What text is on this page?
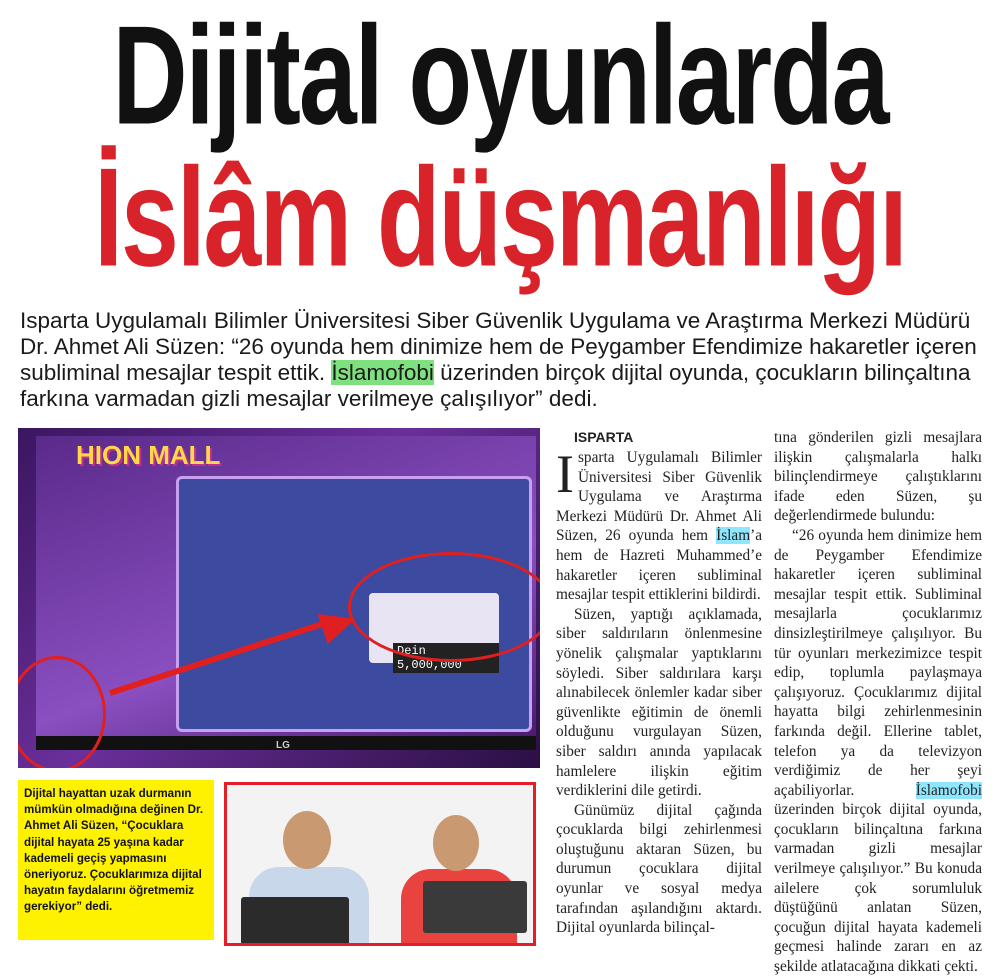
Dijital oyunlarda
İslâm düşmanlığı
Isparta Uygulamalı Bilimler Üniversitesi Siber Güvenlik Uygulama ve Araştırma Merkezi Müdürü Dr. Ahmet Ali Süzen: “26 oyunda hem dinimize hem de Peygamber Efendimize hakaretler içeren subliminal mesajlar tespit ettik. İslamofobi üzerinden birçok dijital oyunda, çocukların bilinçaltına farkına varmadan gizli mesajlar verilmeye çalışılıyor” dedi.
HION MALL
Dein 5,000,000
LG
Dijital hayattan uzak durmanın mümkün olmadığına değinen Dr. Ahmet Ali Süzen, “Çocuklara dijital hayata 25 yaşına kadar kademeli geçiş yapmasını öneriyoruz. Çocuklarımıza dijital hayatın faydalarını öğretmemiz gerekiyor” dedi.
ISPARTA

Isparta Uygulamalı Bilimler Üniversitesi Siber Güvenlik Uygulama ve Araştırma Merkezi Müdürü Dr. Ahmet Ali Süzen, 26 oyunda hem İslam’a hem de Hazreti Muhammed’e hakaretler içeren subliminal mesajlar tespit ettiklerini bildirdi.

Süzen, yaptığı açıklamada, siber saldırıların önlenmesine yönelik çalışmalar yaptıklarını söyledi. Siber saldırılara karşı alınabilecek önlemler kadar siber güvenlikte eğitimin de önemli olduğunu vurgulayan Süzen, siber saldırı anında yapılacak hamlelere ilişkin eğitim verdiklerini dile getirdi.

Günümüz dijital çağında çocuklarda bilgi zehirlenmesi oluştuğunu aktaran Süzen, bu durumun çocuklara dijital oyunlar ve sosyal medya tarafından aşılandığını aktardı. Dijital oyunlarda bilinçal-

tına gönderilen gizli mesajlara ilişkin çalışmalarla halkı bilinçlendirmeye çalıştıklarını ifade eden Süzen, şu değerlendirmede bulundu:

“26 oyunda hem dinimize hem de Peygamber Efendimize hakaretler içeren subliminal mesajlar tespit ettik. Subliminal mesajlarla çocuklarımız dinsizleştirilmeye çalışılıyor. Bu tür oyunları merkezimizce tespit edip, toplumla paylaşmaya çalışıyoruz. Çocuklarımız dijital hayatta bilgi zehirlenmesinin farkında değil. Ellerine tablet, telefon ya da televizyon verdiğimiz de her şeyi açabiliyorlar. İslamofobi üzerinden birçok dijital oyunda, çocukların bilinçaltına farkına varmadan gizli mesajlar verilmeye çalışılıyor.” Bu konuda ailelere çok sorumluluk düştüğünü anlatan Süzen, çocuğun dijital hayata kademeli geçmesi halinde zararı en az şekilde atlatacağına dikkati çekti.
